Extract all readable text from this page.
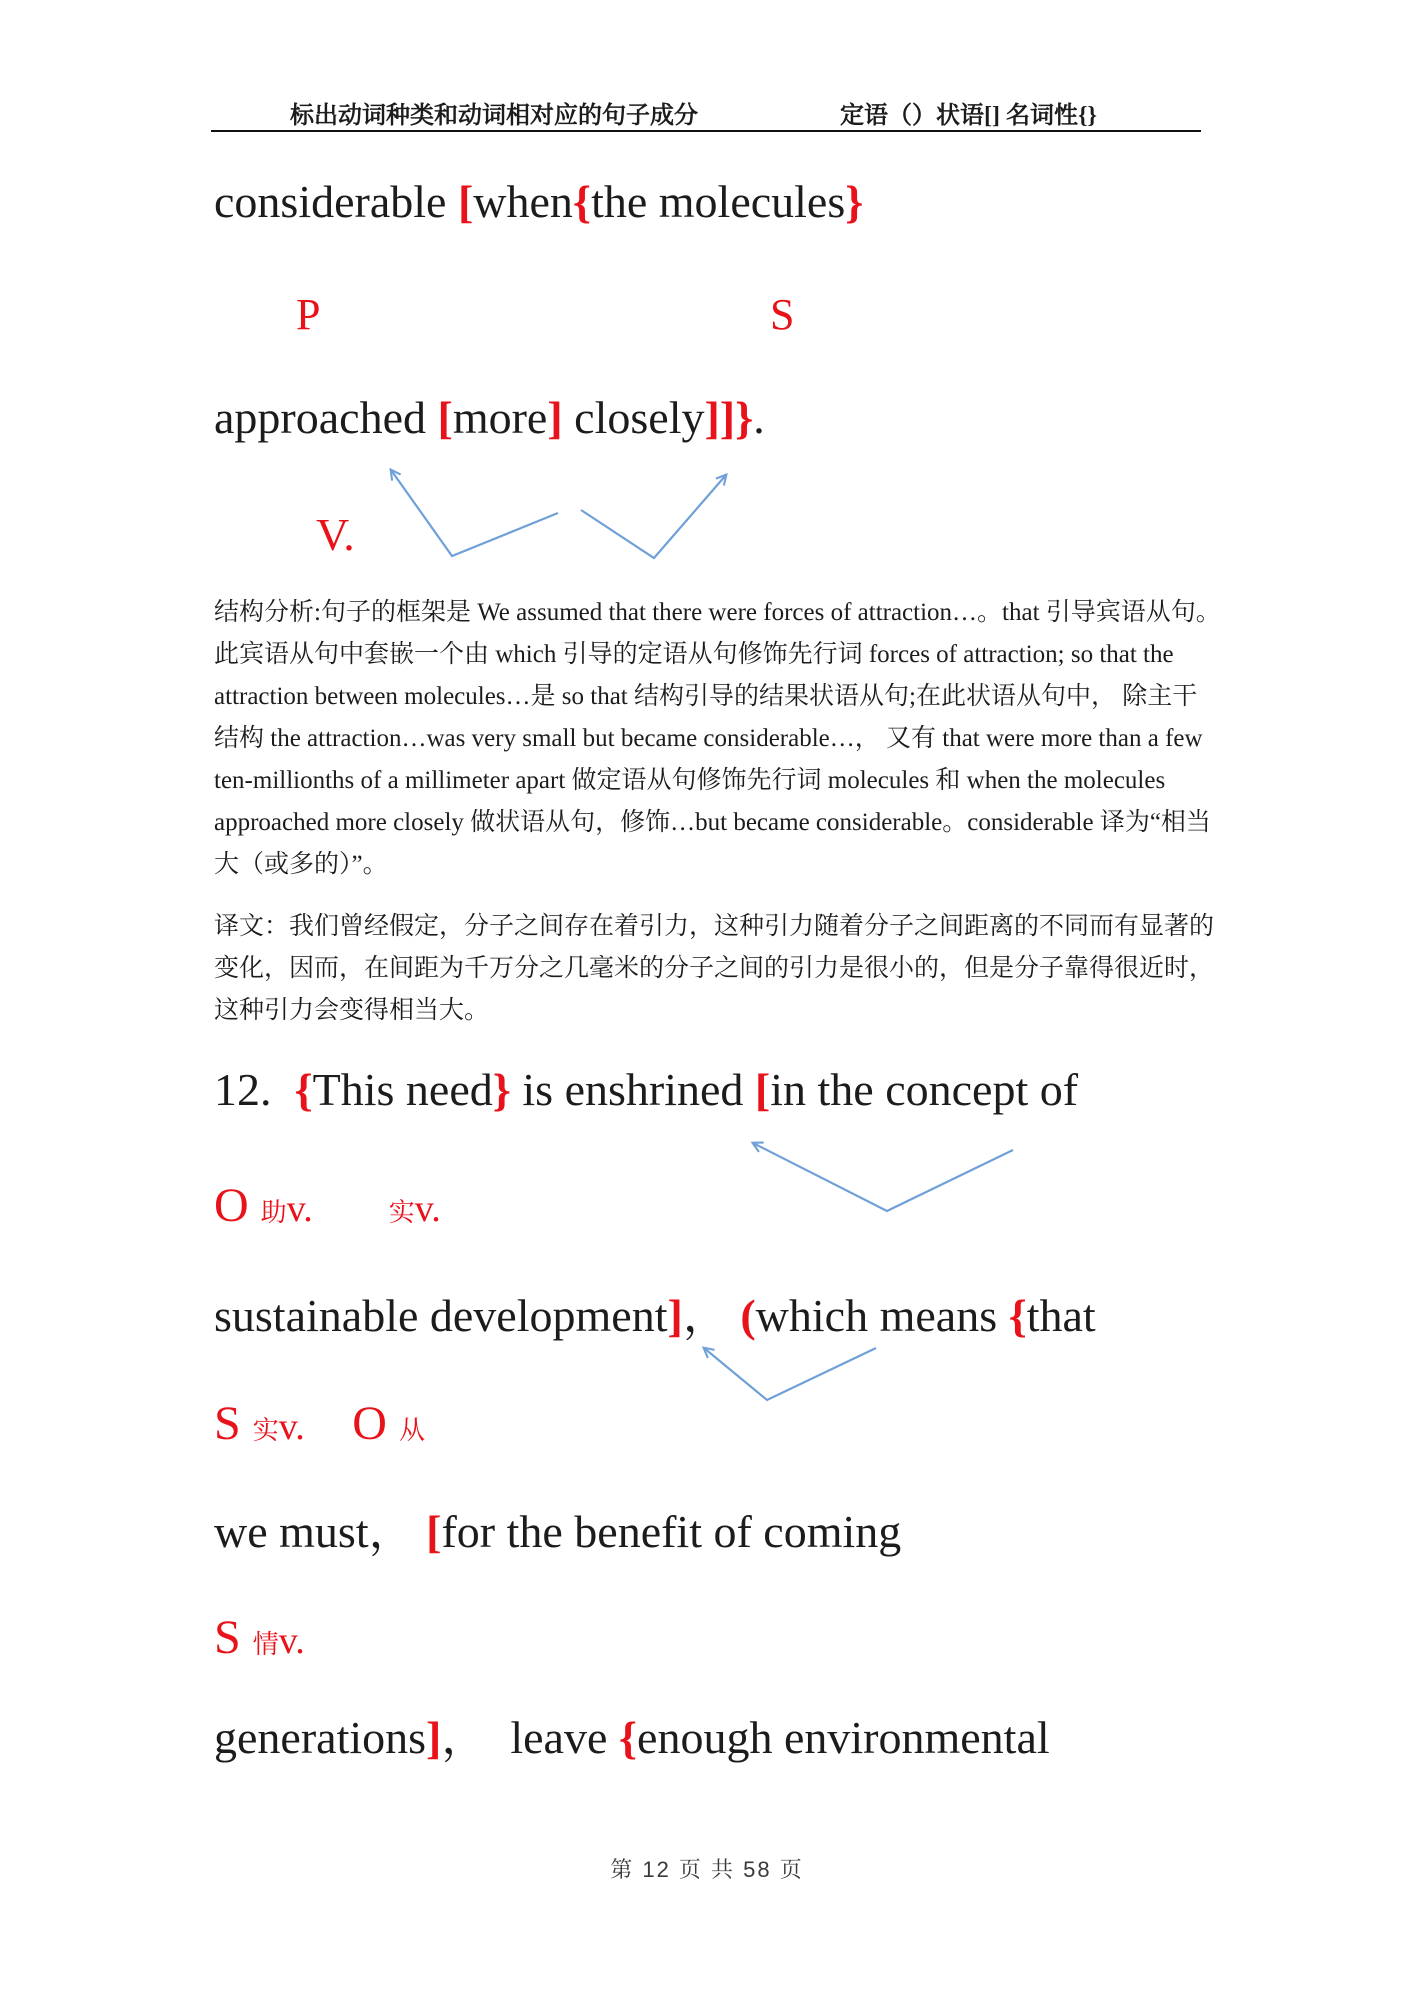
标出动词种类和动词相对应的句子成分	定语（）状语[] 名词性{}
considerable [when{the molecules}
P	S
approached [more] closely]]}.
V.
结构分析:句子的框架是 We assumed that there were forces of attraction…。that 引导宾语从句。
此宾语从句中套嵌一个由 which 引导的定语从句修饰先行词 forces of attraction; so that the
attraction between molecules…是 so that 结构引导的结果状语从句;在此状语从句中， 除主干
结构 the attraction…was very small but became considerable…， 又有 that were more than a few
ten-millionths of a millimeter apart 做定语从句修饰先行词 molecules 和 when the molecules
approached more closely 做状语从句，修饰…but became considerable。considerable 译为“相当
大（或多的）”。
译文：我们曾经假定，分子之间存在着引力，这种引力随着分子之间距离的不同而有显著的
变化，因而，在间距为千万分之几毫米的分子之间的引力是很小的，但是分子靠得很近时，
这种引力会变得相当大。
12.  {This need} is enshrined [in the concept of
O 助v.	实v.
sustainable development]， (which means {that
S 实v. O 从
we must， [for the benefit of coming
S 情v.
generations]，  leave {enough environmental
第 12 页 共 58 页
